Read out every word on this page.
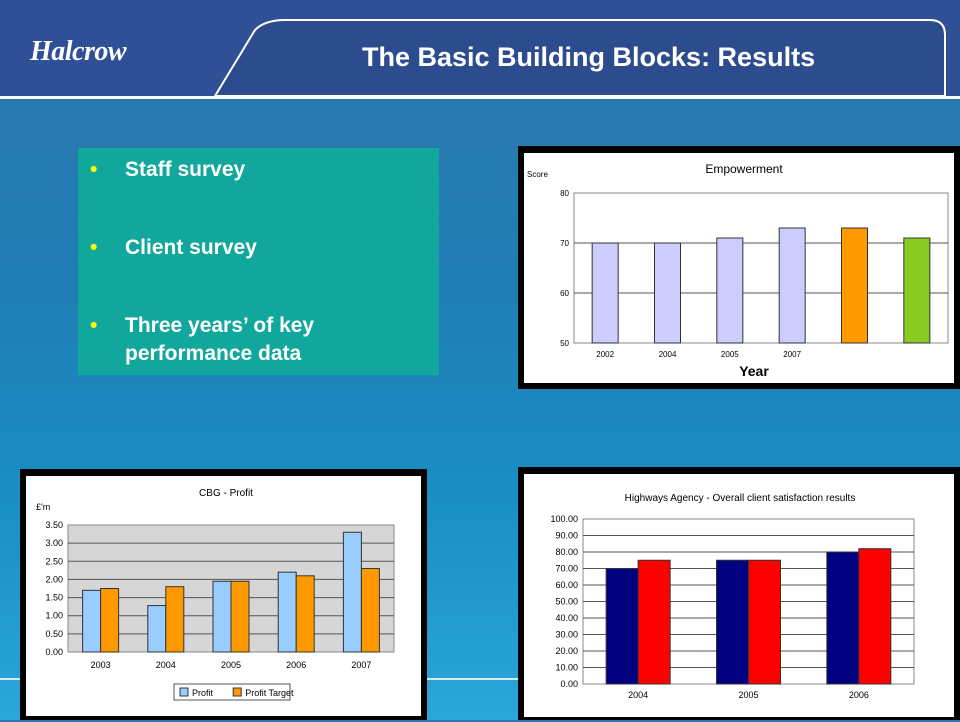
Halcrow	The Basic Building Blocks: Results
• Staff survey
• Client survey
• Three years’ of key performance data
Empowerment
80
70
60
50
Score
Year
2002	2004	2005	2007
CBG - Profit
3.50
3.00
2.50
2.00
1.50
1.00
0.50
0.00
£'m
2003	2004	2005	2006	2007
Profit	Profit Target
Highways Agency - Overall client satisfaction results
100.00
90.00
80.00
70.00
60.00
50.00
40.00
30.00
20.00
10.00
0.00
2004	2005	2006
